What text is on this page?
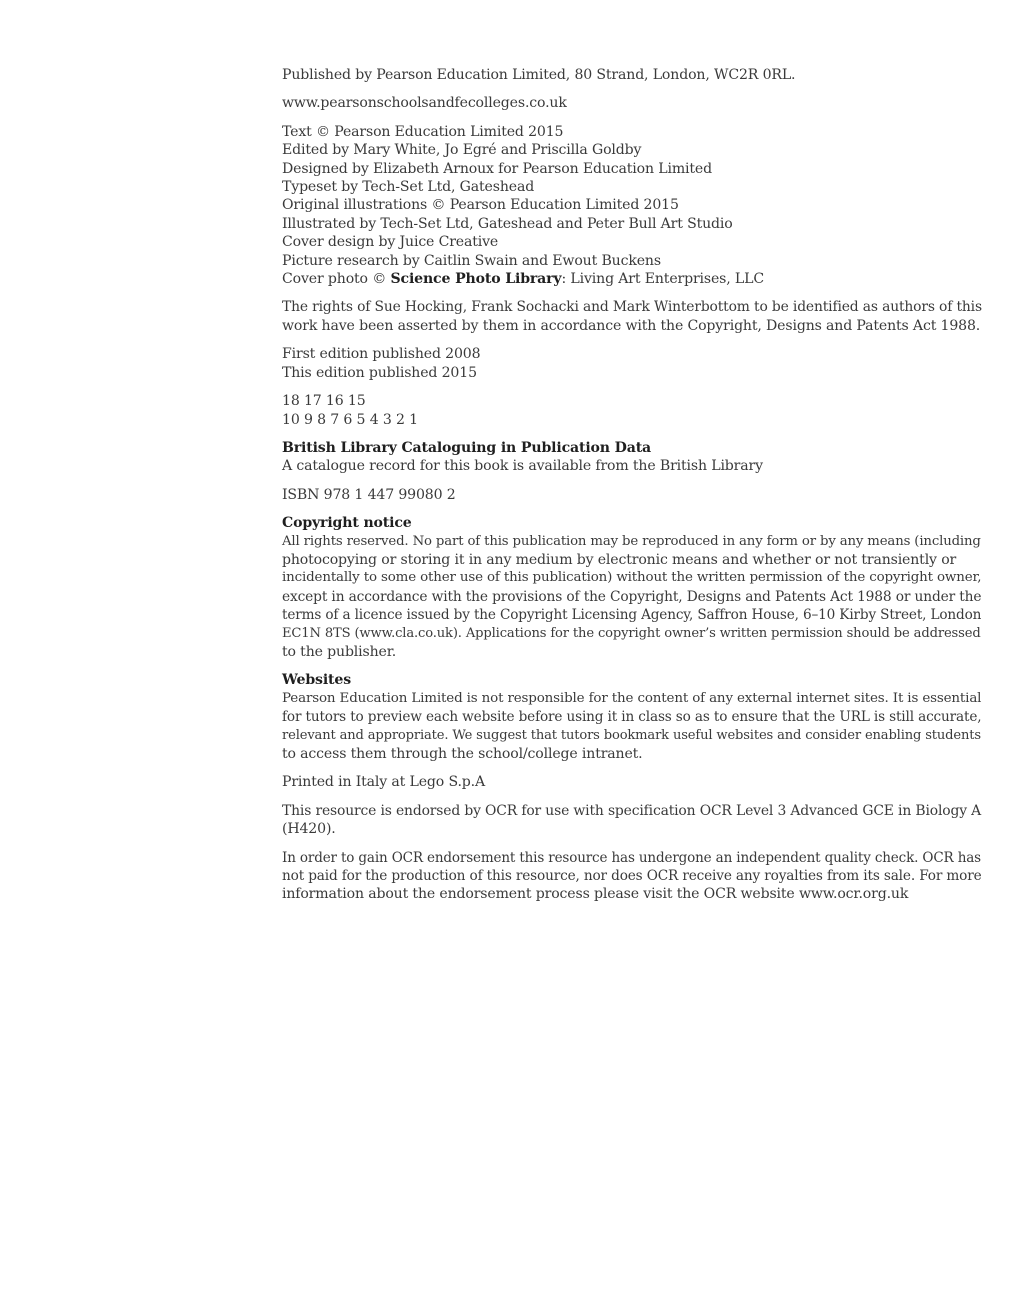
Published by Pearson Education Limited, 80 Strand, London, WC2R 0RL.

www.pearsonschoolsandfecolleges.co.uk

Text © Pearson Education Limited 2015
Edited by Mary White, Jo Egré and Priscilla Goldby
Designed by Elizabeth Arnoux for Pearson Education Limited
Typeset by Tech-Set Ltd, Gateshead
Original illustrations © Pearson Education Limited 2015
Illustrated by Tech-Set Ltd, Gateshead and Peter Bull Art Studio
Cover design by Juice Creative
Picture research by Caitlin Swain and Ewout Buckens
Cover photo © Science Photo Library: Living Art Enterprises, LLC

The rights of Sue Hocking, Frank Sochacki and Mark Winterbottom to be identified as authors of this
work have been asserted by them in accordance with the Copyright, Designs and Patents Act 1988.

First edition published 2008
This edition published 2015

18 17 16 15
10 9 8 7 6 5 4 3 2 1

British Library Cataloguing in Publication Data
A catalogue record for this book is available from the British Library

ISBN 978 1 447 99080 2

Copyright notice
All rights reserved. No part of this publication may be reproduced in any form or by any means (including
photocopying or storing it in any medium by electronic means and whether or not transiently or
incidentally to some other use of this publication) without the written permission of the copyright owner,
except in accordance with the provisions of the Copyright, Designs and Patents Act 1988 or under the
terms of a licence issued by the Copyright Licensing Agency, Saffron House, 6–10 Kirby Street, London
EC1N 8TS (www.cla.co.uk). Applications for the copyright owner’s written permission should be addressed
to the publisher.

Websites
Pearson Education Limited is not responsible for the content of any external internet sites. It is essential
for tutors to preview each website before using it in class so as to ensure that the URL is still accurate,
relevant and appropriate. We suggest that tutors bookmark useful websites and consider enabling students
to access them through the school/college intranet.

Printed in Italy at Lego S.p.A

This resource is endorsed by OCR for use with specification OCR Level 3 Advanced GCE in Biology A
(H420).

In order to gain OCR endorsement this resource has undergone an independent quality check. OCR has
not paid for the production of this resource, nor does OCR receive any royalties from its sale. For more
information about the endorsement process please visit the OCR website www.ocr.org.uk
